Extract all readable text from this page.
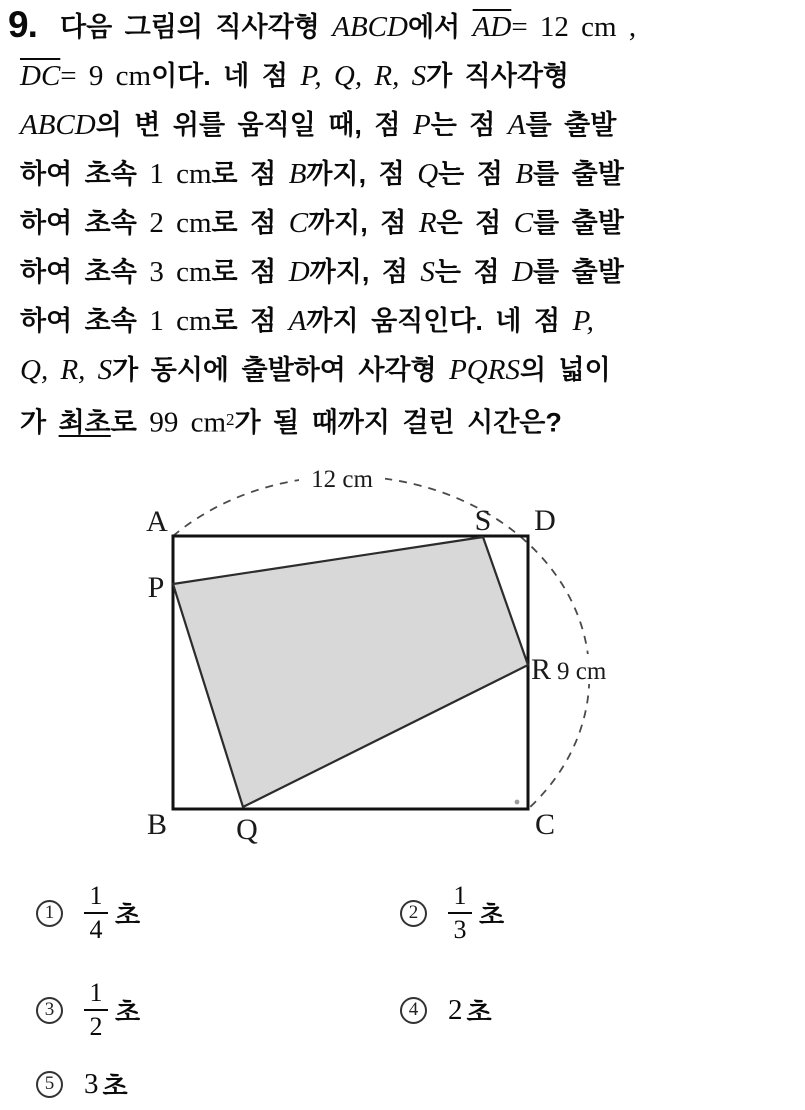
9. 다음 그림의 직사각형 ABCD에서 $\overline{AD}= 12$ cm ,
$\overline{DC}= 9$ cm이다. 네 점 P, Q, R, S가 직사각형
ABCD의 변 위를 움직일 때, 점 P는 점 A를 출발
하여 초속 1 cm로 점 B까지, 점 Q는 점 B를 출발
하여 초속 2 cm로 점 C까지, 점 R은 점 C를 출발
하여 초속 3 cm로 점 D까지, 점 S는 점 D를 출발
하여 초속 1 cm로 점 A까지 움직인다. 네 점 P,
Q, R, S가 동시에 출발하여 사각형 PQRS의 넓이
가 최초로 99 $cm^2$가 될 때까지 걸린 시간은?
12 cm
9 cm
A	S D
P
R
B Q	C
1	$\frac{1}{4}$ 초	2	$\frac{1}{3}$ 초
3	$\frac{1}{2}$ 초	4	2 초
5	3 초
